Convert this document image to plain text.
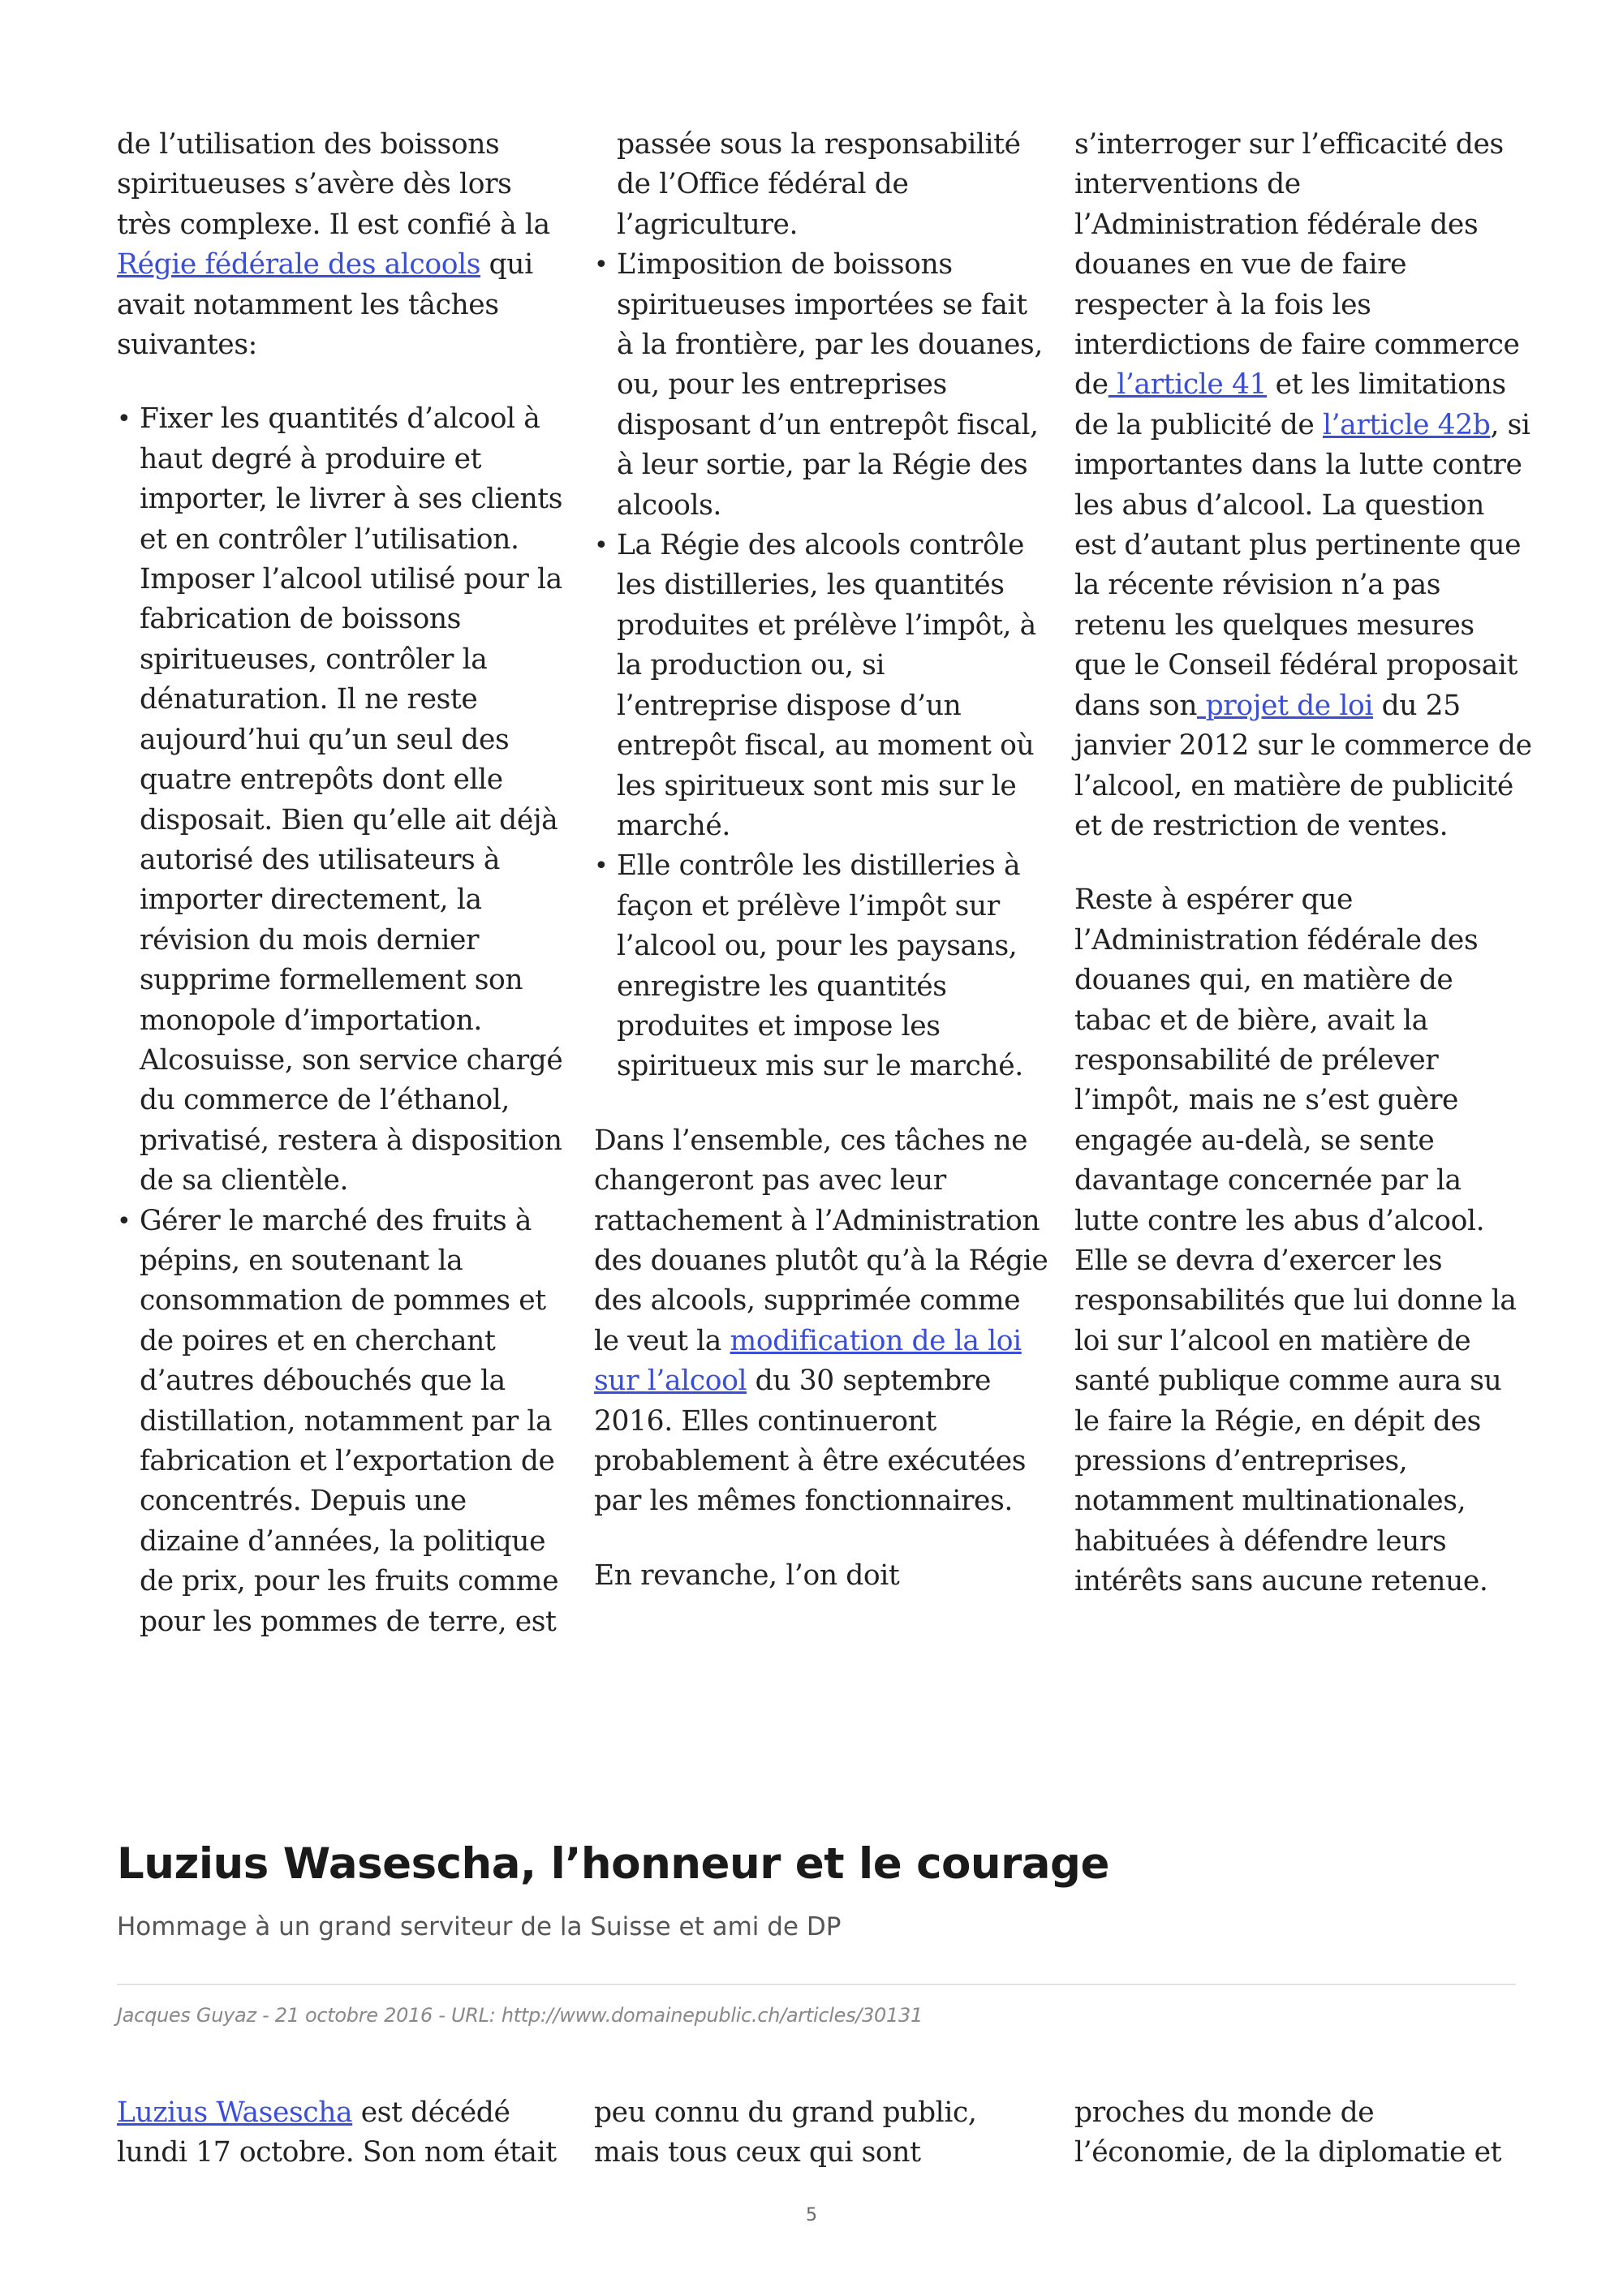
de l’utilisation des boissons spiritueuses s’avère dès lors très complexe. Il est confié à la Régie fédérale des alcools qui avait notamment les tâches suivantes:

• Fixer les quantités d’alcool à haut degré à produire et importer, le livrer à ses clients et en contrôler l’utilisation. Imposer l’alcool utilisé pour la fabrication de boissons spiritueuses, contrôler la dénaturation. Il ne reste aujourd’hui qu’un seul des quatre entrepôts dont elle disposait. Bien qu’elle ait déjà autorisé des utilisateurs à importer directement, la révision du mois dernier supprime formellement son monopole d’importation. Alcosuisse, son service chargé du commerce de l’éthanol, privatisé, restera à disposition de sa clientèle.
• Gérer le marché des fruits à pépins, en soutenant la consommation de pommes et de poires et en cherchant d’autres débouchés que la distillation, notamment par la fabrication et l’exportation de concentrés. Depuis une dizaine d’années, la politique de prix, pour les fruits comme pour les pommes de terre, est

passée sous la responsabilité de l’Office fédéral de l’agriculture.

• L’imposition de boissons spiritueuses importées se fait à la frontière, par les douanes, ou, pour les entreprises disposant d’un entrepôt fiscal, à leur sortie, par la Régie des alcools.
• La Régie des alcools contrôle les distilleries, les quantités produites et prélève l’impôt, à la production ou, si l’entreprise dispose d’un entrepôt fiscal, au moment où les spiritueux sont mis sur le marché.
• Elle contrôle les distilleries à façon et prélève l’impôt sur l’alcool ou, pour les paysans, enregistre les quantités produites et impose les spiritueux mis sur le marché.

Dans l’ensemble, ces tâches ne changeront pas avec leur rattachement à l’Administration des douanes plutôt qu’à la Régie des alcools, supprimée comme le veut la modification de la loi sur l’alcool du 30 septembre 2016. Elles continueront probablement à être exécutées par les mêmes fonctionnaires.

En revanche, l’on doit

s’interroger sur l’efficacité des interventions de l’Administration fédérale des douanes en vue de faire respecter à la fois les interdictions de faire commerce de l’article 41 et les limitations de la publicité de l’article 42b, si importantes dans la lutte contre les abus d’alcool. La question est d’autant plus pertinente que la récente révision n’a pas retenu les quelques mesures que le Conseil fédéral proposait dans son projet de loi du 25 janvier 2012 sur le commerce de l’alcool, en matière de publicité et de restriction de ventes.

Reste à espérer que l’Administration fédérale des douanes qui, en matière de tabac et de bière, avait la responsabilité de prélever l’impôt, mais ne s’est guère engagée au-delà, se sente davantage concernée par la lutte contre les abus d’alcool. Elle se devra d’exercer les responsabilités que lui donne la loi sur l’alcool en matière de santé publique comme aura su le faire la Régie, en dépit des pressions d’entreprises, notamment multinationales, habituées à défendre leurs intérêts sans aucune retenue.

Luzius Wasescha, l’honneur et le courage

Hommage à un grand serviteur de la Suisse et ami de DP

Jacques Guyaz - 21 octobre 2016 - URL: http://www.domainepublic.ch/articles/30131

Luzius Wasescha est décédé lundi 17 octobre. Son nom était

peu connu du grand public, mais tous ceux qui sont

proches du monde de l’économie, de la diplomatie et

5
